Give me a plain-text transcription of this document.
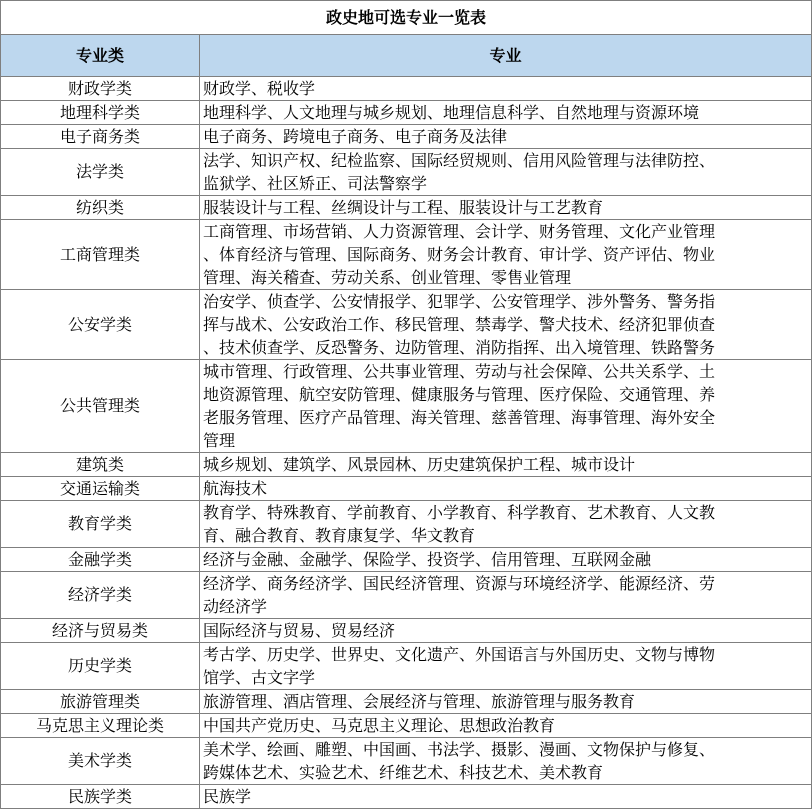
政史地可选专业一览表	
专业类	专业
财政学类	财政学、税收学

地理科学类	地理科学、人文地理与城乡规划、地理信息科学、自然地理与资源环境

电子商务类	电子商务、跨境电子商务、电子商务及法律

法学类	法学、知识产权、纪检监察、国际经贸规则、信用风险管理与法律防控、
监狱学、社区矫正、司法警察学

纺织类	服装设计与工程、丝绸设计与工程、服装设计与工艺教育

工商管理类	工商管理、市场营销、人力资源管理、会计学、财务管理、文化产业管理
、体育经济与管理、国际商务、财务会计教育、审计学、资产评估、物业
管理、海关稽查、劳动关系、创业管理、零售业管理

公安学类	治安学、侦查学、公安情报学、犯罪学、公安管理学、涉外警务、警务指
挥与战术、公安政治工作、移民管理、禁毒学、警犬技术、经济犯罪侦查
、技术侦查学、反恐警务、边防管理、消防指挥、出入境管理、铁路警务

公共管理类	城市管理、行政管理、公共事业管理、劳动与社会保障、公共关系学、土
地资源管理、航空安防管理、健康服务与管理、医疗保险、交通管理、养
老服务管理、医疗产品管理、海关管理、慈善管理、海事管理、海外安全
管理

建筑类	城乡规划、建筑学、风景园林、历史建筑保护工程、城市设计

交通运输类	航海技术

教育学类	教育学、特殊教育、学前教育、小学教育、科学教育、艺术教育、人文教
育、融合教育、教育康复学、华文教育

金融学类	经济与金融、金融学、保险学、投资学、信用管理、互联网金融

经济学类	经济学、商务经济学、国民经济管理、资源与环境经济学、能源经济、劳
动经济学

经济与贸易类	国际经济与贸易、贸易经济

历史学类	考古学、历史学、世界史、文化遗产、外国语言与外国历史、文物与博物
馆学、古文字学

旅游管理类	旅游管理、酒店管理、会展经济与管理、旅游管理与服务教育

马克思主义理论类	中国共产党历史、马克思主义理论、思想政治教育

美术学类	美术学、绘画、雕塑、中国画、书法学、摄影、漫画、文物保护与修复、
跨媒体艺术、实验艺术、纤维艺术、科技艺术、美术教育

民族学类	民族学
